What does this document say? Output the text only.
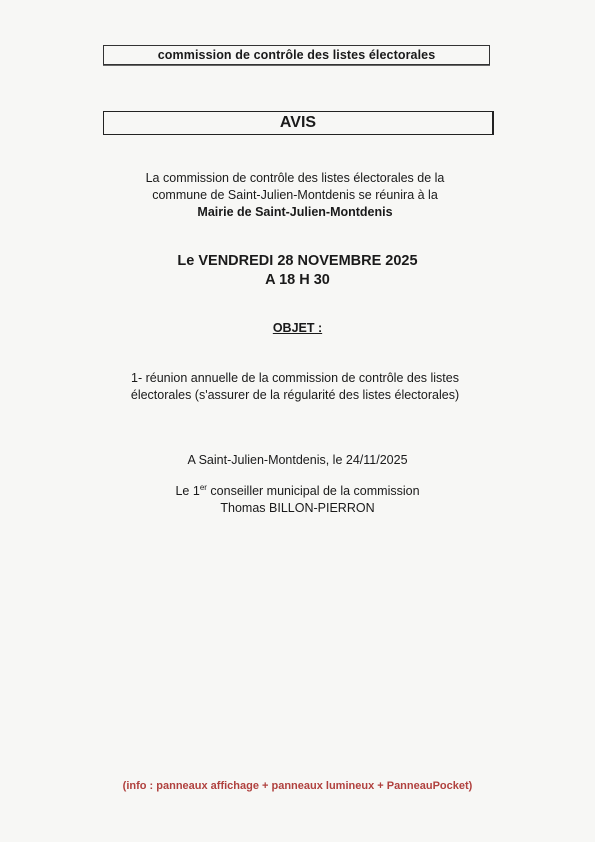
commission de contrôle des listes électorales
AVIS
La commission de contrôle des listes électorales de la
commune de Saint-Julien-Montdenis se réunira à la
Mairie de Saint-Julien-Montdenis
Le VENDREDI 28 NOVEMBRE 2025
A 18 H 30
OBJET :
1- réunion annuelle de la commission de contrôle des listes
électorales (s'assurer de la régularité des listes électorales)
A Saint-Julien-Montdenis, le 24/11/2025
Le 1er conseiller municipal de la commission
Thomas BILLON-PIERRON
(info : panneaux affichage + panneaux lumineux + PanneauPocket)
